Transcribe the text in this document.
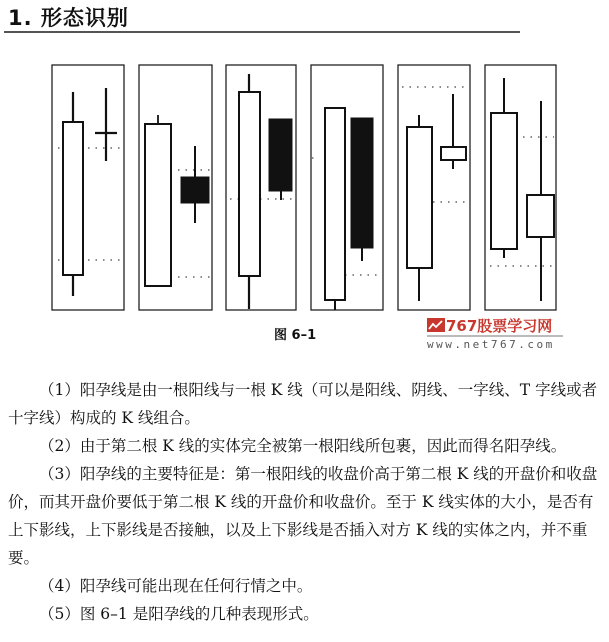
1. 形态识别
图 6–1
767股票学习网
www.net767.com
（1）阳孕线是由一根阳线与一根 K 线（可以是阳线、阴线、一字线、T 字线或者十字线）构成的 K 线组合。
（2）由于第二根 K 线的实体完全被第一根阳线所包裹，因此而得名阳孕线。
（3）阳孕线的主要特征是：第一根阳线的收盘价高于第二根 K 线的开盘价和收盘价，而其开盘价要低于第二根 K 线的开盘价和收盘价。至于 K 线实体的大小，是否有上下影线，上下影线是否接触，以及上下影线是否插入对方 K 线的实体之内，并不重要。
（4）阳孕线可能出现在任何行情之中。
（5）图 6–1 是阳孕线的几种表现形式。
